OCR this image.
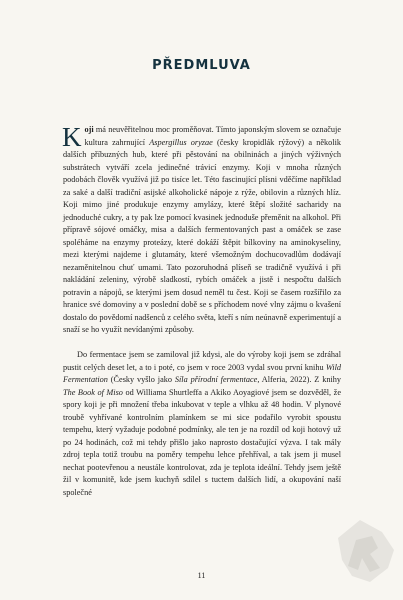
PŘEDMLUVA

Koji má neuvěřitelnou moc proměňovat. Tímto japonským slovem se označuje kultura zahrnující Aspergillus oryzae (česky kropidlák rýžový) a několik dalších příbuzných hub, které při pěstování na obilninách a jiných výživných substrátech vytváří zcela jedinečné trávicí enzymy. Koji v mnoha různých podobách člověk využívá již po tisíce let. Této fascinující plísni vděčíme například za saké a další tradiční asijské alkoholické nápoje z rýže, obilovin a různých hlíz. Koji mimo jiné produkuje enzymy amylázy, které štěpí složité sacharidy na jednoduché cukry, a ty pak lze pomocí kvasinek jednoduše přeměnit na alkohol. Při přípravě sójové omáčky, misa a dalších fermentovaných past a omáček se zase spoléháme na enzymy proteázy, které dokáží štěpit bílkoviny na aminokyseliny, mezi kterými najdeme i glutamáty, které všemožným dochucovadlům dodávají nezaměnitelnou chuť umami. Tato pozoruhodná plíseň se tradičně využívá i při nakládání zeleniny, výrobě sladkostí, rybích omáček a jistě i nespočtu dalších potravin a nápojů, se kterými jsem dosud neměl tu čest. Koji se časem rozšířilo za hranice své domoviny a v poslední době se s příchodem nové vlny zájmu o kvašení dostalo do povědomí nadšenců z celého světa, kteří s ním neúnavně experimentují a snaží se ho využít nevídanými způsoby.

Do fermentace jsem se zamiloval již kdysi, ale do výroby koji jsem se zdráhal pustit celých deset let, a to i poté, co jsem v roce 2003 vydal svou první knihu Wild Fermentation (Česky vyšlo jako Síla přírodní fermentace, Alferia, 2022). Z knihy The Book of Miso od Williama Shurtleffa a Akiko Aoyagiové jsem se dozvěděl, že spory koji je při množení třeba inkubovat v teple a vlhku až 48 hodin. V plynové troubě vyhřívané kontrolním plamínkem se mi sice podařilo vyrobit spoustu tempehu, který vyžaduje podobné podmínky, ale ten je na rozdíl od koji hotový už po 24 hodinách, což mi tehdy přišlo jako naprosto dostačující výzva. I tak mály zdroj tepla totiž troubu na poměry tempehu lehce přehříval, a tak jsem ji musel nechat pootevřenou a neustále kontrolovat, zda je teplota ideální. Tehdy jsem ještě žil v komunitě, kde jsem kuchyň sdílel s tuctem dalších lidí, a okupování naší společné

11
